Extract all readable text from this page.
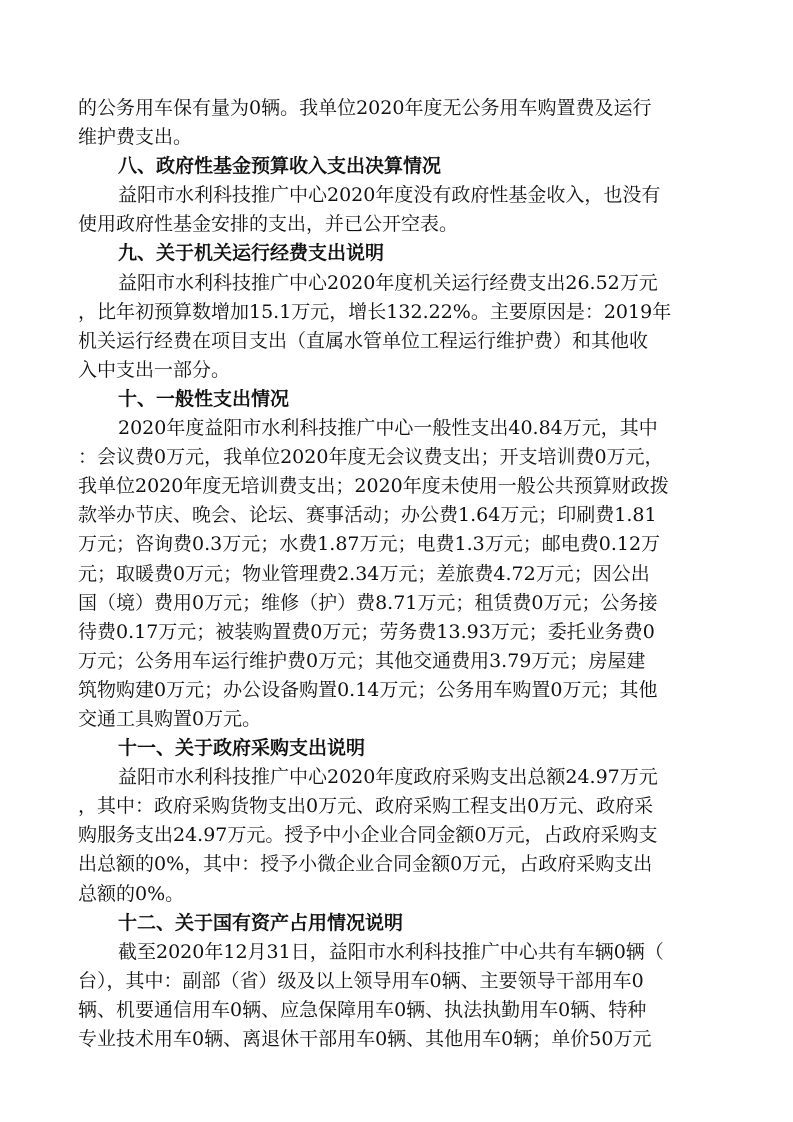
的公务用车保有量为0辆。我单位2020年度无公务用车购置费及运行
维护费支出。
八、政府性基金预算收入支出决算情况
益阳市水利科技推广中心2020年度没有政府性基金收入，也没有
使用政府性基金安排的支出，并已公开空表。
九、关于机关运行经费支出说明
益阳市水利科技推广中心2020年度机关运行经费支出26.52万元
，比年初预算数增加15.1万元，增长132.22%。主要原因是：2019年
机关运行经费在项目支出（直属水管单位工程运行维护费）和其他收
入中支出一部分。
十、一般性支出情况
2020年度益阳市水利科技推广中心一般性支出40.84万元，其中
：会议费0万元，我单位2020年度无会议费支出；开支培训费0万元，
我单位2020年度无培训费支出；2020年度未使用一般公共预算财政拨
款举办节庆、晚会、论坛、赛事活动；办公费1.64万元；印刷费1.81
万元；咨询费0.3万元；水费1.87万元；电费1.3万元；邮电费0.12万
元；取暖费0万元；物业管理费2.34万元；差旅费4.72万元；因公出
国（境）费用0万元；维修（护）费8.71万元；租赁费0万元；公务接
待费0.17万元；被装购置费0万元；劳务费13.93万元；委托业务费0
万元；公务用车运行维护费0万元；其他交通费用3.79万元；房屋建
筑物购建0万元；办公设备购置0.14万元；公务用车购置0万元；其他
交通工具购置0万元。
十一、关于政府采购支出说明
益阳市水利科技推广中心2020年度政府采购支出总额24.97万元
，其中：政府采购货物支出0万元、政府采购工程支出0万元、政府采
购服务支出24.97万元。授予中小企业合同金额0万元，占政府采购支
出总额的0%，其中：授予小微企业合同金额0万元，占政府采购支出
总额的0%。
十二、关于国有资产占用情况说明
截至2020年12月31日，益阳市水利科技推广中心共有车辆0辆（
台），其中：副部（省）级及以上领导用车0辆、主要领导干部用车0
辆、机要通信用车0辆、应急保障用车0辆、执法执勤用车0辆、特种
专业技术用车0辆、离退休干部用车0辆、其他用车0辆；单价50万元
